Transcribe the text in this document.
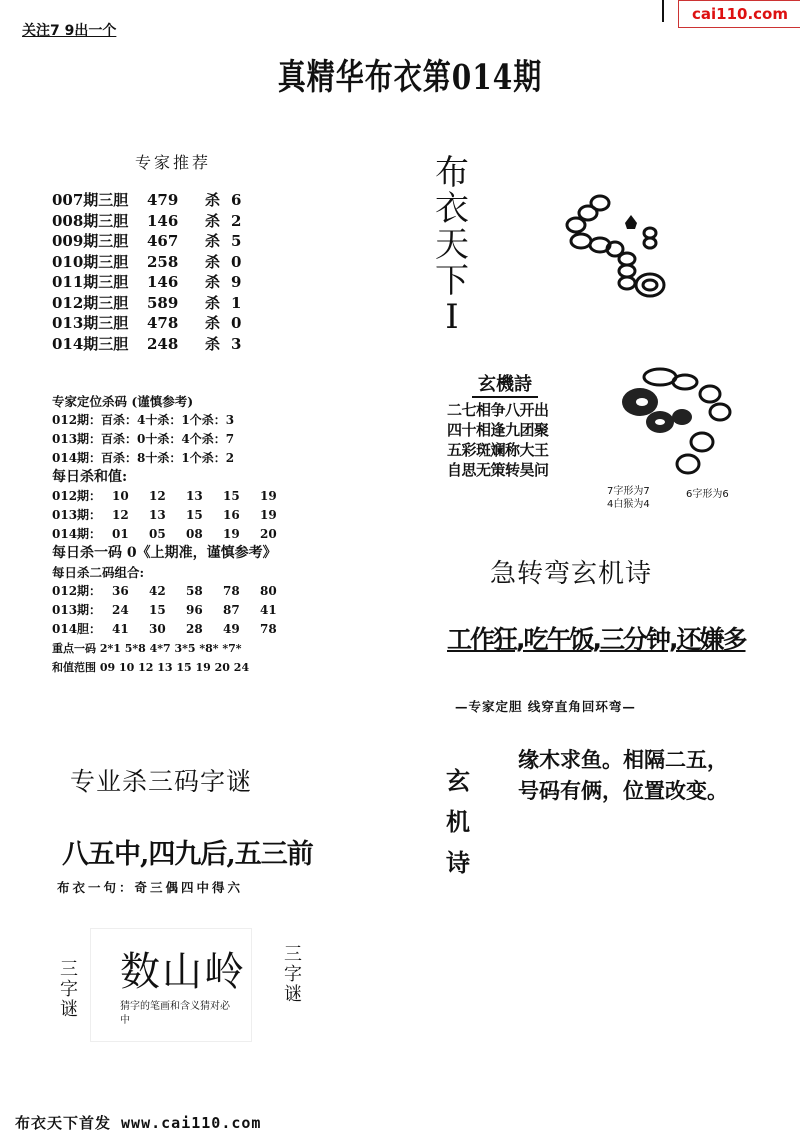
关注7 9出一个
cai110.com
真精华布衣第014期
专家推荐
007期三胆 479 杀 6
008期三胆 146 杀 2
009期三胆 467 杀 5
010期三胆 258 杀 0
011期三胆 146 杀 9
012期三胆 589 杀 1
013期三胆 478 杀 0
014期三胆 248 杀 3
专家定位杀码 (谨慎参考)
012期：百杀：4十杀：1个杀：3
013期：百杀：0十杀：4个杀：7
014期：百杀：8十杀：1个杀：2
每日杀和值:
012期： 10 12 13 15 19
013期： 12 13 15 16 19
014期： 01 05 08 19 20
每日杀一码 0《上期准，谨慎参考》
每日杀二码组合:
012期： 36 42 58 78 80
013期： 24 15 96 87 41
014胆： 41 30 28 49 78
重点一码 2*1 5*8 4*7 3*5 *8* *7*
和值范围 09 10 12 13 15 19 20 24
专业杀三码字谜
八五中,四九后,五三前
布衣一句：奇三偶四中得六
数山岭
猜字的笔画和含义猜对必中
三
字
谜
三
字
谜
布衣天下首发 www.cai110.com
布
衣
天
下
I
玄機詩
二七相争八开出
四十相逢九团聚
五彩斑斓称大王
自思无策转昊问
7字形为7
4白猴为4
6字形为6
急转弯玄机诗
工作狂,吃午饭,三分钟,还嫌多
—专家定胆 线穿直角回环弯—
玄
机
诗
缘木求鱼。相隔二五，
号码有俩，位置改变。
